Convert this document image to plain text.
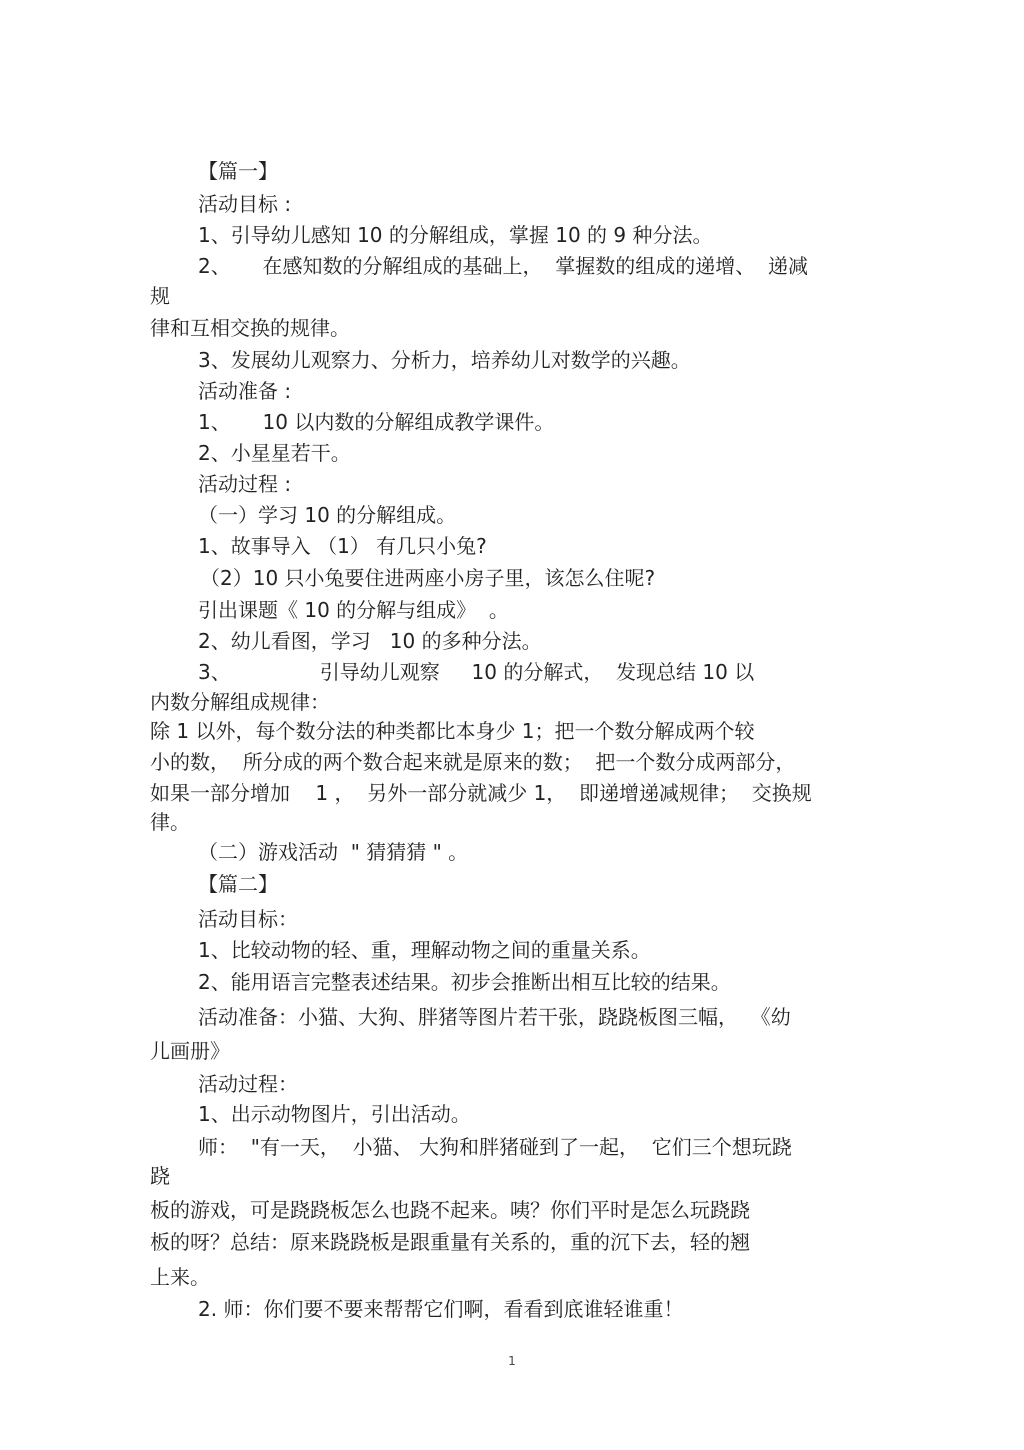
【篇一】
活动目标 :
1、引导幼儿感知 10 的分解组成，掌握 10 的 9 种分法。
2、     在感知数的分解组成的基础上，  掌握数的组成的递增、  递减
规
律和互相交换的规律。
3、发展幼儿观察力、分析力，培养幼儿对数学的兴趣。
活动准备 :
1、     10 以内数的分解组成教学课件。
2、小星星若干。
活动过程 :
（一）学习 10 的分解组成。
1、故事导入 （1） 有几只小兔?
（2）10 只小兔要住进两座小房子里，该怎么住呢?
引出课题《 10 的分解与组成》  。
2、幼儿看图，学习   10 的多种分法。
3、              引导幼儿观察     10 的分解式，  发现总结 10 以
内数分解组成规律：
除 1 以外，每个数分法的种类都比本身少 1；把一个数分解成两个较
小的数，  所分成的两个数合起来就是原来的数；  把一个数分成两部分，
如果一部分增加    1 ，  另外一部分就减少 1，  即递增递减规律；  交换规
律。
（二）游戏活动  " 猜猜猜 " 。
【篇二】
活动目标：
1、比较动物的轻、重，理解动物之间的重量关系。
2、能用语言完整表述结果。初步会推断出相互比较的结果。
活动准备：小猫、大狗、胖猪等图片若干张，跷跷板图三幅，  《幼
儿画册》
活动过程：
1、出示动物图片，引出活动。
师：  "有一天，  小猫、 大狗和胖猪碰到了一起，  它们三个想玩跷
跷
板的游戏，可是跷跷板怎么也跷不起来。咦？你们平时是怎么玩跷跷
板的呀？总结：原来跷跷板是跟重量有关系的，重的沉下去，轻的翘
上来。
2. 师：你们要不要来帮帮它们啊，看看到底谁轻谁重！
1
